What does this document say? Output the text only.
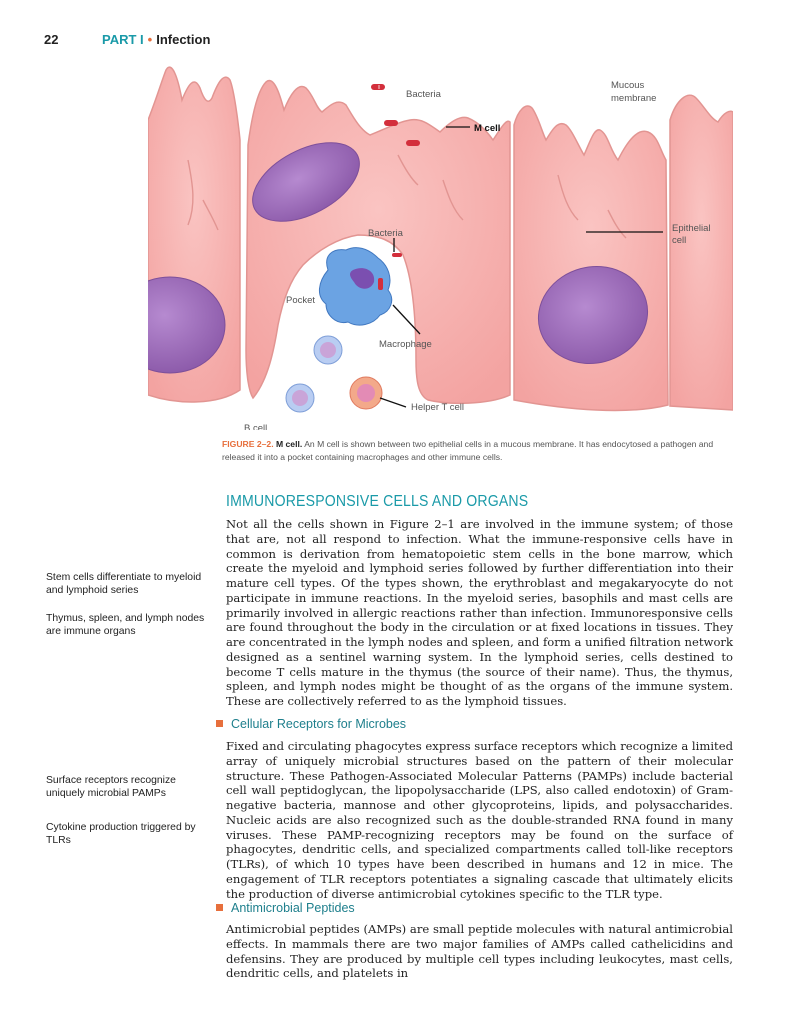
22	PART I • Infection
Bacteria
Mucous
membrane
M cell
Epithelial
cell
Bacteria
Pocket
Macrophage
Helper T cell
B cell
FIGURE 2–2. M cell. An M cell is shown between two epithelial cells in a mucous membrane. It has endocytosed a pathogen and released it into a pocket containing macrophages and other immune cells.
IMMUNORESPONSIVE CELLS AND ORGANS
Not all the cells shown in Figure 2–1 are involved in the immune system; of those that are, not all respond to infection. What the immune-responsive cells have in common is derivation from hematopoietic stem cells in the bone marrow, which create the myeloid and lymphoid series followed by further differentiation into their mature cell types. Of the types shown, the erythroblast and megakaryocyte do not participate in immune reactions. In the myeloid series, basophils and mast cells are primarily involved in allergic reactions rather than infection. Immunoresponsive cells are found throughout the body in the circulation or at fixed locations in tissues. They are concentrated in the lymph nodes and spleen, and form a unified filtration network designed as a sentinel warning system. In the lymphoid series, cells destined to become T cells mature in the thymus (the source of their name). Thus, the thymus, spleen, and lymph nodes might be thought of as the organs of the immune system. These are collectively referred to as the lymphoid tissues.
Cellular Receptors for Microbes
Fixed and circulating phagocytes express surface receptors which recognize a limited array of uniquely microbial structures based on the pattern of their molecular structure. These Pathogen-Associated Molecular Patterns (PAMPs) include bacterial cell wall peptidoglycan, the lipopolysaccharide (LPS, also called endotoxin) of Gram-negative bacteria, mannose and other glycoproteins, lipids, and polysaccharides. Nucleic acids are also recognized such as the double-stranded RNA found in many viruses. These PAMP-recognizing receptors may be found on the surface of phagocytes, dendritic cells, and specialized compartments called toll-like receptors (TLRs), of which 10 types have been described in humans and 12 in mice. The engagement of TLR receptors potentiates a signaling cascade that ultimately elicits the production of diverse antimicrobial cytokines specific to the TLR type.
Antimicrobial Peptides
Antimicrobial peptides (AMPs) are small peptide molecules with natural antimicrobial effects. In mammals there are two major families of AMPs called cathelicidins and defensins. They are produced by multiple cell types including leukocytes, mast cells, dendritic cells, and platelets in
Stem cells differentiate to myeloid and lymphoid series
Thymus, spleen, and lymph nodes are immune organs
Surface receptors recognize uniquely microbial PAMPs
Cytokine production triggered by TLRs
